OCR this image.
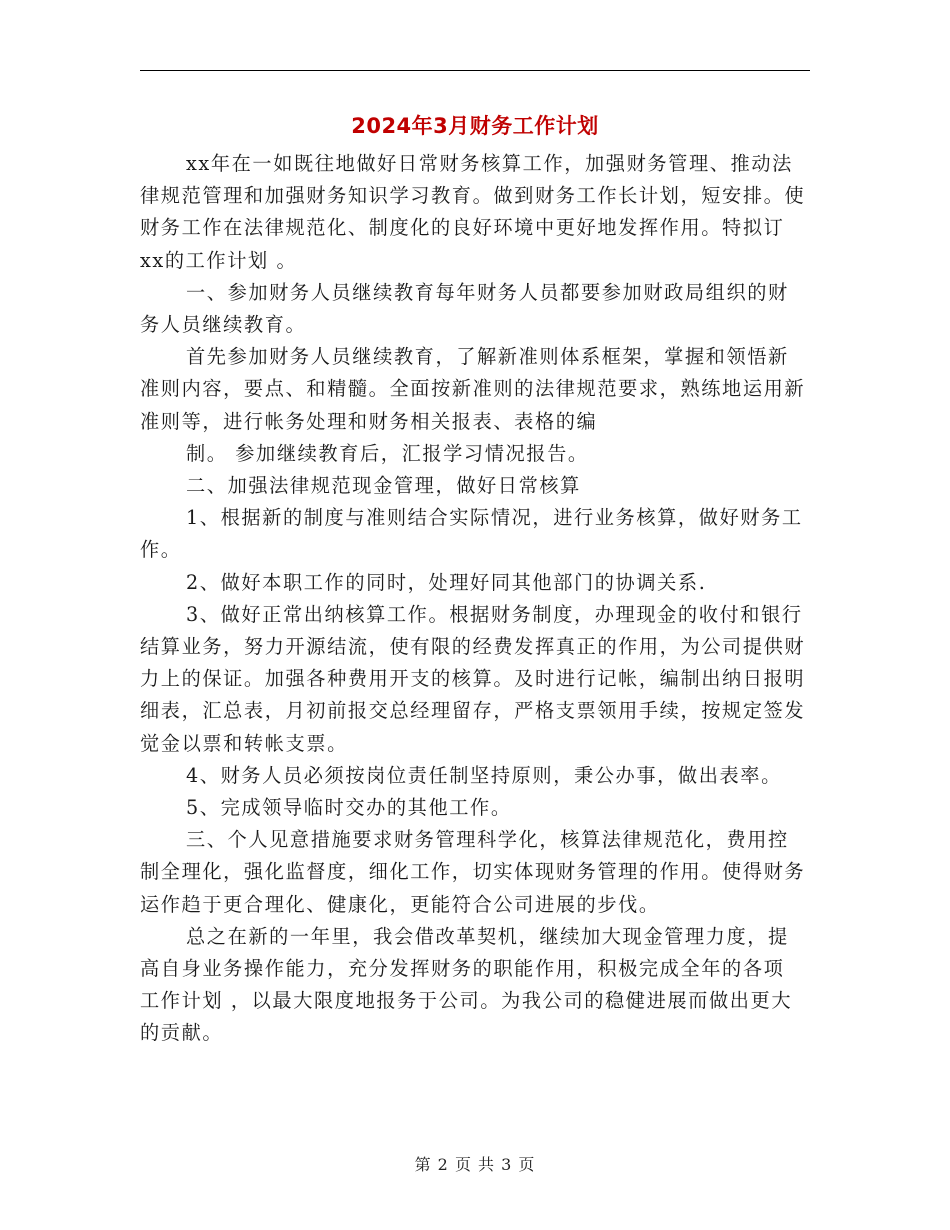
2024年3月财务工作计划

xx年在一如既往地做好日常财务核算工作，加强财务管理、推动法律规范管理和加强财务知识学习教育。做到财务工作长计划，短安排。使财务工作在法律规范化、制度化的良好环境中更好地发挥作用。特拟订xx的工作计划 。

一、参加财务人员继续教育每年财务人员都要参加财政局组织的财务人员继续教育。

首先参加财务人员继续教育，了解新准则体系框架，掌握和领悟新准则内容，要点、和精髓。全面按新准则的法律规范要求，熟练地运用新准则等，进行帐务处理和财务相关报表、表格的编

制。 参加继续教育后，汇报学习情况报告。

二、加强法律规范现金管理，做好日常核算

1、根据新的制度与准则结合实际情况，进行业务核算，做好财务工作。

2、做好本职工作的同时，处理好同其他部门的协调关系.

3、做好正常出纳核算工作。根据财务制度，办理现金的收付和银行结算业务，努力开源结流，使有限的经费发挥真正的作用，为公司提供财力上的保证。加强各种费用开支的核算。及时进行记帐，编制出纳日报明细表，汇总表，月初前报交总经理留存，严格支票领用手续，按规定签发觉金以票和转帐支票。

4、财务人员必须按岗位责任制坚持原则，秉公办事，做出表率。

5、完成领导临时交办的其他工作。

三、个人见意措施要求财务管理科学化，核算法律规范化，费用控制全理化，强化监督度，细化工作，切实体现财务管理的作用。使得财务运作趋于更合理化、健康化，更能符合公司进展的步伐。

总之在新的一年里，我会借改革契机，继续加大现金管理力度，提高自身业务操作能力，充分发挥财务的职能作用，积极完成全年的各项 工作计划 ，以最大限度地报务于公司。为我公司的稳健进展而做出更大的贡献。

第 2 页 共 3 页
